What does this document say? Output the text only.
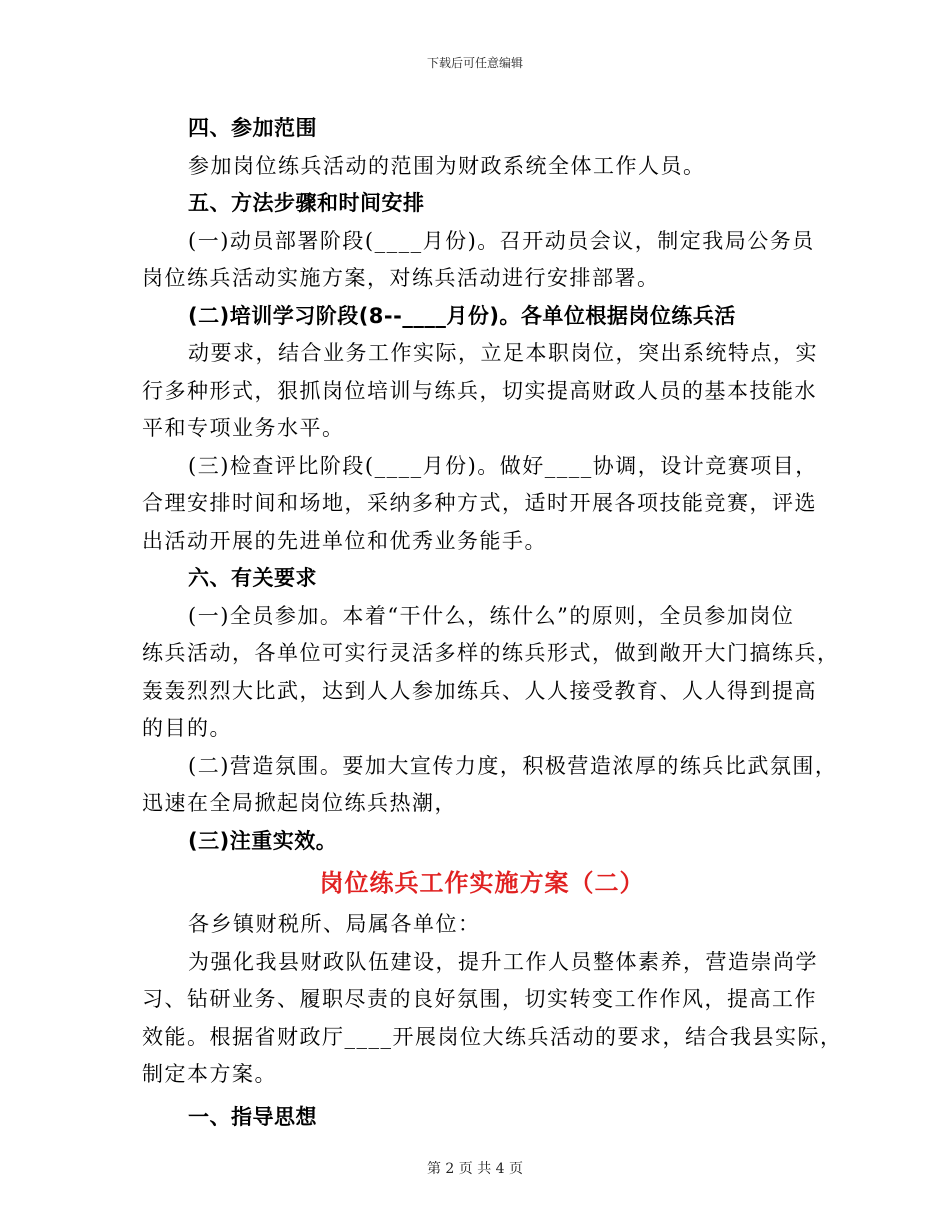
下载后可任意编辑
四、参加范围
参加岗位练兵活动的范围为财政系统全体工作人员。
五、方法步骤和时间安排
(一)动员部署阶段(____月份)。召开动员会议，制定我局公务员
岗位练兵活动实施方案，对练兵活动进行安排部署。
(二)培训学习阶段(8--____月份)。各单位根据岗位练兵活
动要求，结合业务工作实际，立足本职岗位，突出系统特点，实
行多种形式，狠抓岗位培训与练兵，切实提高财政人员的基本技能水
平和专项业务水平。
(三)检查评比阶段(____月份)。做好____协调，设计竞赛项目，
合理安排时间和场地，采纳多种方式，适时开展各项技能竞赛，评选
出活动开展的先进单位和优秀业务能手。
六、有关要求
(一)全员参加。本着“干什么，练什么”的原则，全员参加岗位
练兵活动，各单位可实行灵活多样的练兵形式，做到敞开大门搞练兵，
轰轰烈烈大比武，达到人人参加练兵、人人接受教育、人人得到提高
的目的。
(二)营造氛围。要加大宣传力度，积极营造浓厚的练兵比武氛围，
迅速在全局掀起岗位练兵热潮，
(三)注重实效。
岗位练兵工作实施方案（二）
各乡镇财税所、局属各单位：
为强化我县财政队伍建设，提升工作人员整体素养，营造崇尚学
习、钻研业务、履职尽责的良好氛围，切实转变工作作风，提高工作
效能。根据省财政厅____开展岗位大练兵活动的要求，结合我县实际，
制定本方案。
一、指导思想
第 2 页 共 4 页
